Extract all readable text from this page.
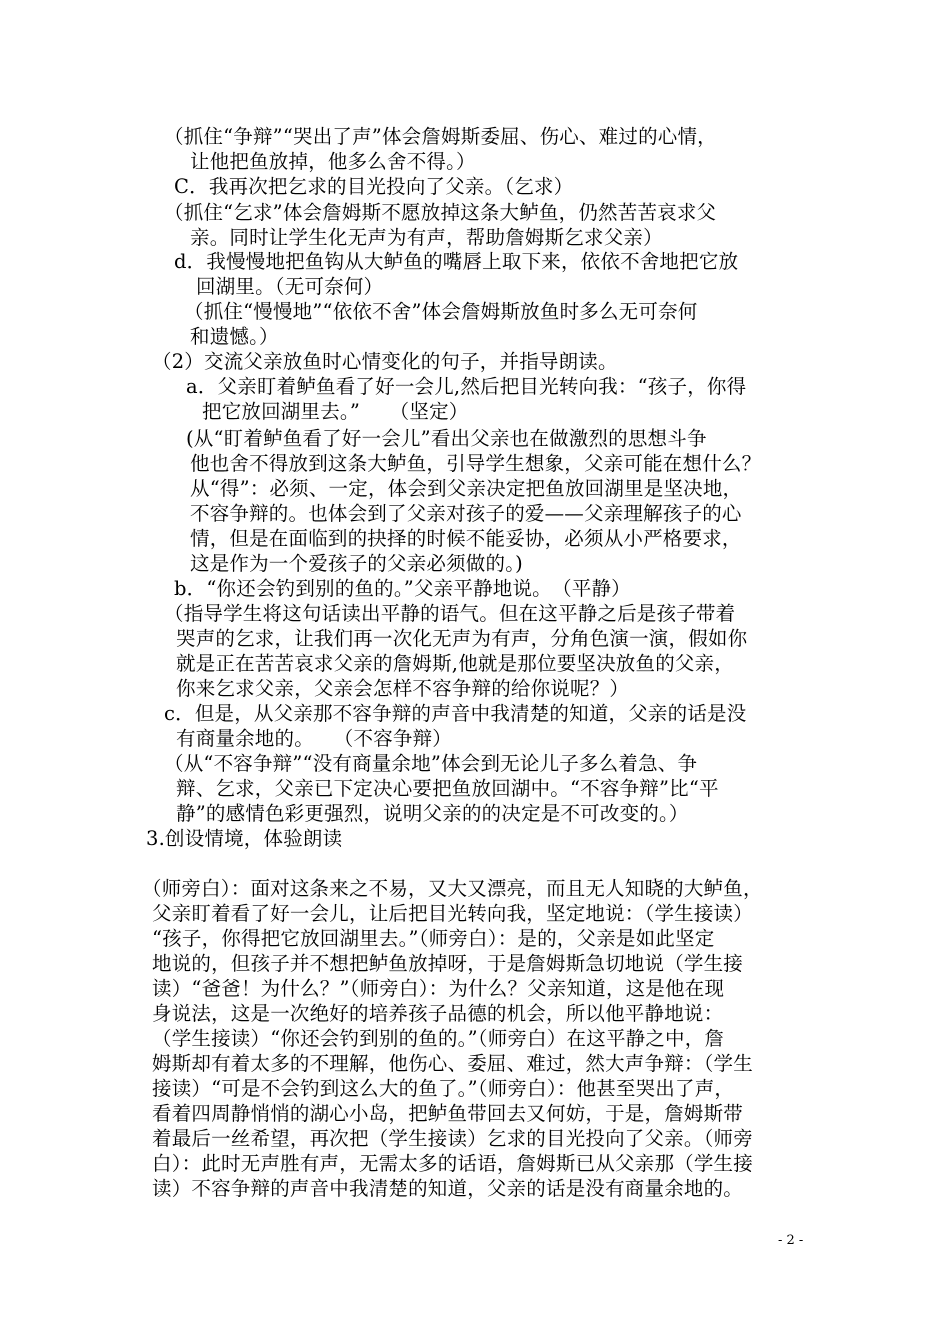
（抓住“争辩”“哭出了声”体会詹姆斯委屈、伤心、难过的心情，
让他把鱼放掉，他多么舍不得。）
C．我再次把乞求的目光投向了父亲。（乞求）
（抓住“乞求”体会詹姆斯不愿放掉这条大鲈鱼，仍然苦苦哀求父
亲。同时让学生化无声为有声，帮助詹姆斯乞求父亲）
d．我慢慢地把鱼钩从大鲈鱼的嘴唇上取下来，依依不舍地把它放
回湖里。（无可奈何）
（抓住“慢慢地”“依依不舍”体会詹姆斯放鱼时多么无可奈何
和遗憾。）
（2）交流父亲放鱼时心情变化的句子，并指导朗读。
a．父亲盯着鲈鱼看了好一会儿,然后把目光转向我：“孩子，你得
把它放回湖里去。”　　（坚定）
(从“盯着鲈鱼看了好一会儿”看出父亲也在做激烈的思想斗争
他也舍不得放到这条大鲈鱼，引导学生想象，父亲可能在想什么？
从“得”：必须、一定，体会到父亲决定把鱼放回湖里是坚决地，
不容争辩的。也体会到了父亲对孩子的爱——父亲理解孩子的心
情，但是在面临到的抉择的时候不能妥协，必须从小严格要求，
这是作为一个爱孩子的父亲必须做的。)
b．“你还会钓到别的鱼的。”父亲平静地说。　（平静）
（指导学生将这句话读出平静的语气。但在这平静之后是孩子带着
哭声的乞求，让我们再一次化无声为有声，分角色演一演，假如你
就是正在苦苦哀求父亲的詹姆斯,他就是那位要坚决放鱼的父亲，
你来乞求父亲，父亲会怎样不容争辩的给你说呢？）
c．但是，从父亲那不容争辩的声音中我清楚的知道，父亲的话是没
有商量余地的。　　（不容争辩）
（从“不容争辩”“没有商量余地”体会到无论儿子多么着急、争
辩、乞求，父亲已下定决心要把鱼放回湖中。“不容争辩”比“平
静”的感情色彩更强烈，说明父亲的的决定是不可改变的。）
3.创设情境，体验朗读
（师旁白）：面对这条来之不易，又大又漂亮，而且无人知晓的大鲈鱼，
父亲盯着看了好一会儿，让后把目光转向我，坚定地说：（学生接读）
“孩子，你得把它放回湖里去。”（师旁白）：是的，父亲是如此坚定
地说的，但孩子并不想把鲈鱼放掉呀，于是詹姆斯急切地说（学生接
读）“爸爸！为什么？”（师旁白）：为什么？父亲知道，这是他在现
身说法，这是一次绝好的培养孩子品德的机会，所以他平静地说：
（学生接读）“你还会钓到别的鱼的。”（师旁白）在这平静之中，詹
姆斯却有着太多的不理解，他伤心、委屈、难过，然大声争辩：（学生
接读）“可是不会钓到这么大的鱼了。”（师旁白）：他甚至哭出了声，
看着四周静悄悄的湖心小岛，把鲈鱼带回去又何妨，于是，詹姆斯带
着最后一丝希望，再次把（学生接读）乞求的目光投向了父亲。（师旁
白）：此时无声胜有声，无需太多的话语，詹姆斯已从父亲那（学生接
读）不容争辩的声音中我清楚的知道，父亲的话是没有商量余地的。
- 2 -
